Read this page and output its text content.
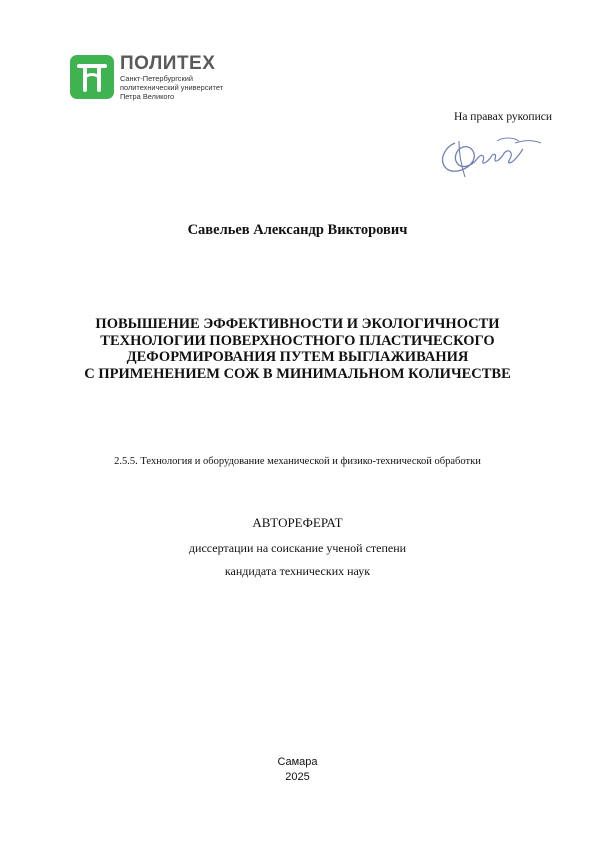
ПОЛИТЕХ
Санкт-Петербургский
политехнический университет
Петра Великого
На правах рукописи
Савельев Александр Викторович
ПОВЫШЕНИЕ ЭФФЕКТИВНОСТИ И ЭКОЛОГИЧНОСТИ
ТЕХНОЛОГИИ ПОВЕРХНОСТНОГО ПЛАСТИЧЕСКОГО
ДЕФОРМИРОВАНИЯ ПУТЕМ ВЫГЛАЖИВАНИЯ
С ПРИМЕНЕНИЕМ СОЖ В МИНИМАЛЬНОМ КОЛИЧЕСТВЕ
2.5.5. Технология и оборудование механической и физико-технической обработки
АВТОРЕФЕРАТ
диссертации на соискание ученой степени
кандидата технических наук
Самара
2025
